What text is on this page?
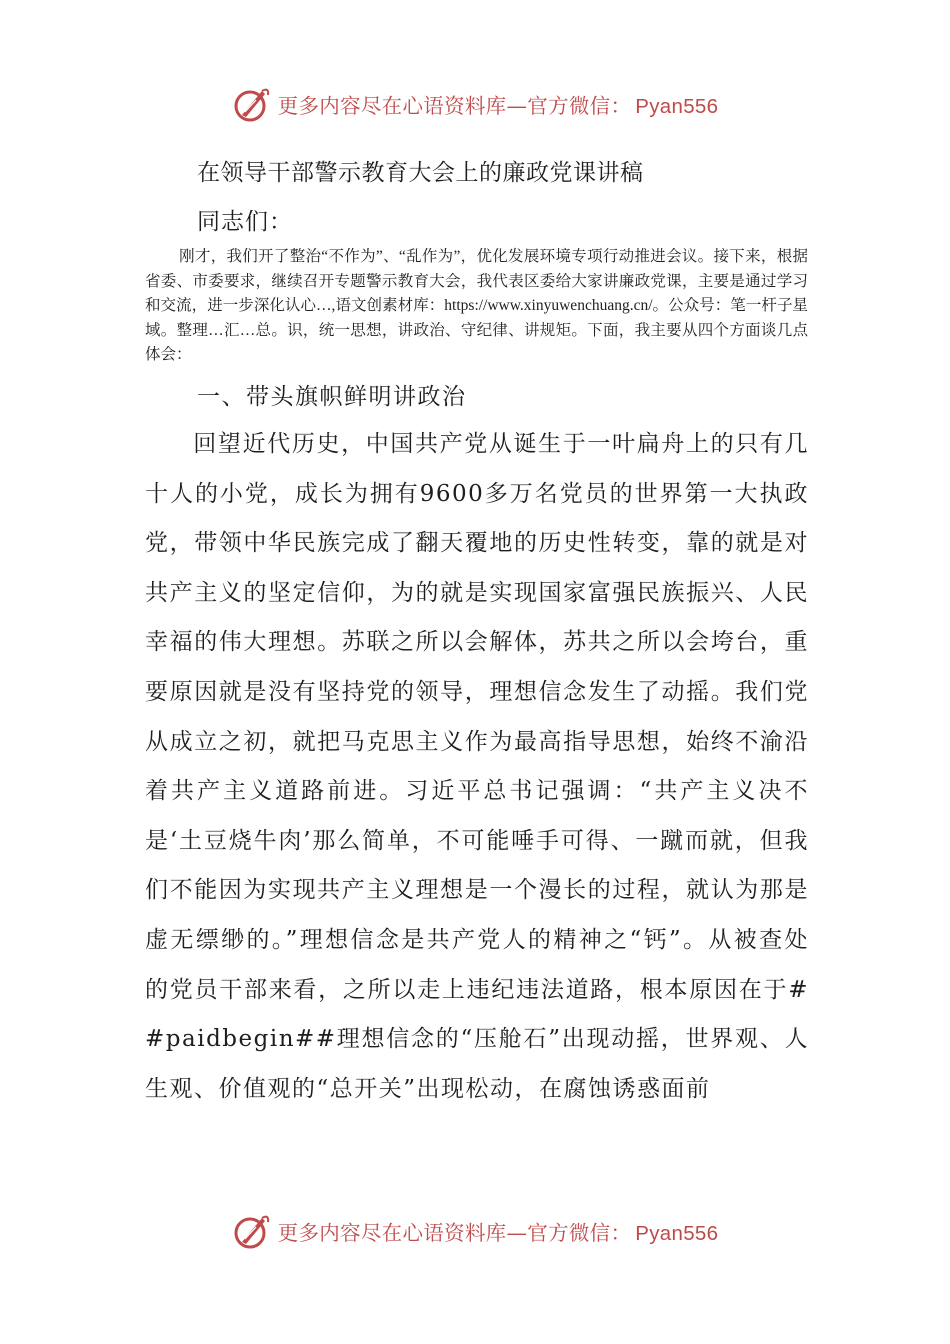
更多内容尽在心语资料库—官方微信： Pyan556
在领导干部警示教育大会上的廉政党课讲稿

同志们：

刚才，我们开了整治“不作为”、“乱作为”，优化发展环境专项行动推进会议。接下来，根据省委、市委要求，继续召开专题警示教育大会，我代表区委给大家讲廉政党课，主要是通过学习和交流，进一步深化认心…,语文创素材库：https://www.xinyuwenchuang.cn/。公众号：笔一杆子星域。整理…汇…总。识，统一思想，讲政治、守纪律、讲规矩。下面，我主要从四个方面谈几点体会：

一、带头旗帜鲜明讲政治

回望近代历史，中国共产党从诞生于一叶扁舟上的只有几十人的小党，成长为拥有9600多万名党员的世界第一大执政党，带领中华民族完成了翻天覆地的历史性转变，靠的就是对共产主义的坚定信仰，为的就是实现国家富强民族振兴、人民幸福的伟大理想。苏联之所以会解体，苏共之所以会垮台，重要原因就是没有坚持党的领导，理想信念发生了动摇。我们党从成立之初，就把马克思主义作为最高指导思想，始终不渝沿着共产主义道路前进。习近平总书记强调：“共产主义决不是‘土豆烧牛肉’那么简单，不可能唾手可得、一蹴而就，但我们不能因为实现共产主义理想是一个漫长的过程，就认为那是虚无缥缈的。”理想信念是共产党人的精神之“钙”。从被查处的党员干部来看，之所以走上违纪违法道路，根本原因在于##paidbegin##理想信念的“压舱石”出现动摇，世界观、人生观、价值观的“总开关”出现松动，在腐蚀诱惑面前

更多内容尽在心语资料库—官方微信： Pyan556
